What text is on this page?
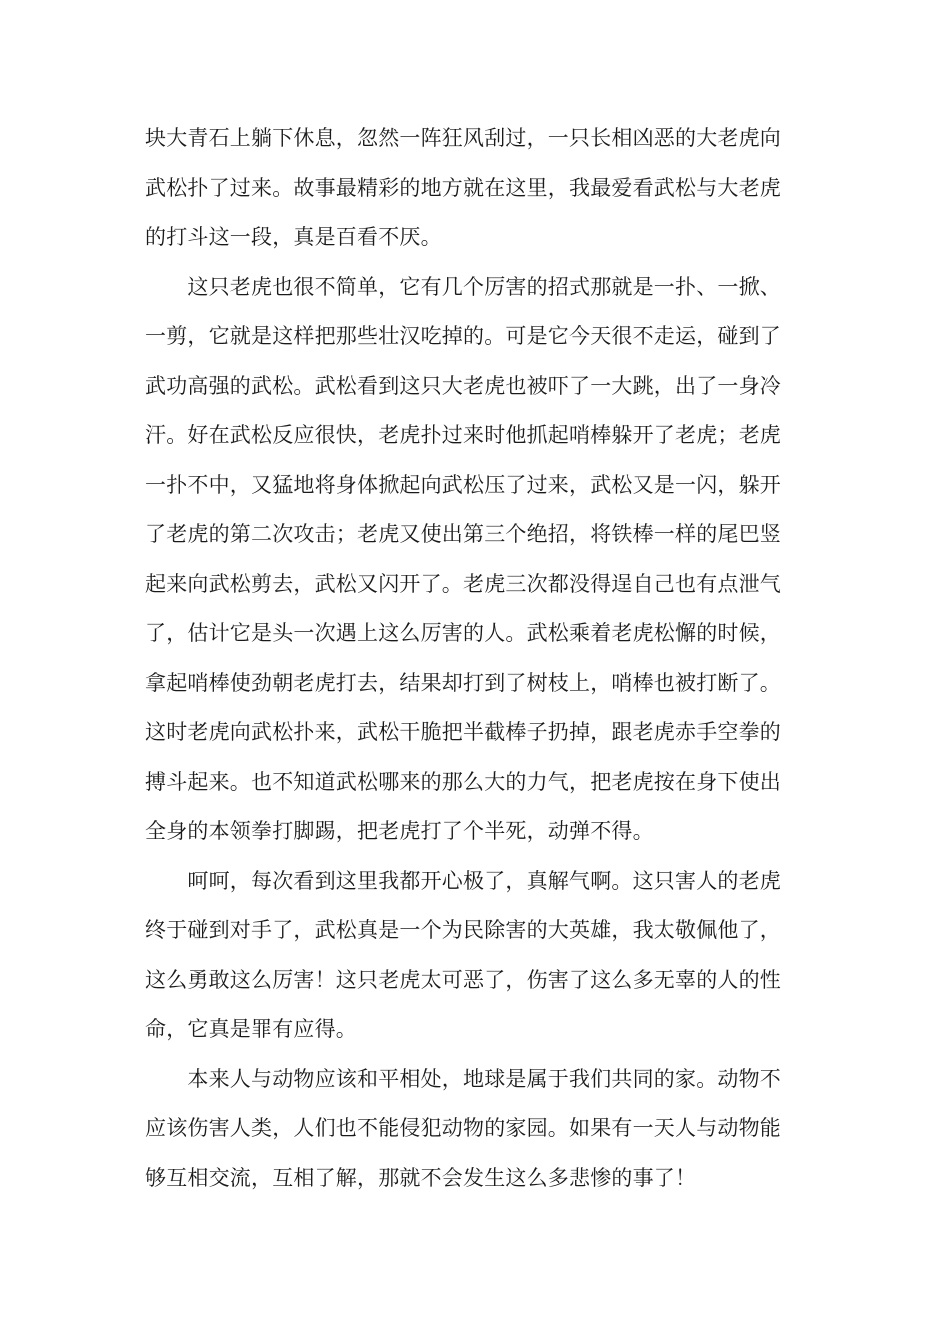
块大青石上躺下休息，忽然一阵狂风刮过，一只长相凶恶的大老虎向
武松扑了过来。故事最精彩的地方就在这里，我最爱看武松与大老虎
的打斗这一段，真是百看不厌。
　　这只老虎也很不简单，它有几个厉害的招式那就是一扑、一掀、
一剪，它就是这样把那些壮汉吃掉的。可是它今天很不走运，碰到了
武功高强的武松。武松看到这只大老虎也被吓了一大跳，出了一身冷
汗。好在武松反应很快，老虎扑过来时他抓起哨棒躲开了老虎；老虎
一扑不中，又猛地将身体掀起向武松压了过来，武松又是一闪，躲开
了老虎的第二次攻击；老虎又使出第三个绝招，将铁棒一样的尾巴竖
起来向武松剪去，武松又闪开了。老虎三次都没得逞自己也有点泄气
了，估计它是头一次遇上这么厉害的人。武松乘着老虎松懈的时候，
拿起哨棒使劲朝老虎打去，结果却打到了树枝上，哨棒也被打断了。
这时老虎向武松扑来，武松干脆把半截棒子扔掉，跟老虎赤手空拳的
搏斗起来。也不知道武松哪来的那么大的力气，把老虎按在身下使出
全身的本领拳打脚踢，把老虎打了个半死，动弹不得。
　　呵呵，每次看到这里我都开心极了，真解气啊。这只害人的老虎
终于碰到对手了，武松真是一个为民除害的大英雄，我太敬佩他了，
这么勇敢这么厉害！这只老虎太可恶了，伤害了这么多无辜的人的性
命，它真是罪有应得。
　　本来人与动物应该和平相处，地球是属于我们共同的家。动物不
应该伤害人类，人们也不能侵犯动物的家园。如果有一天人与动物能
够互相交流，互相了解，那就不会发生这么多悲惨的事了！
